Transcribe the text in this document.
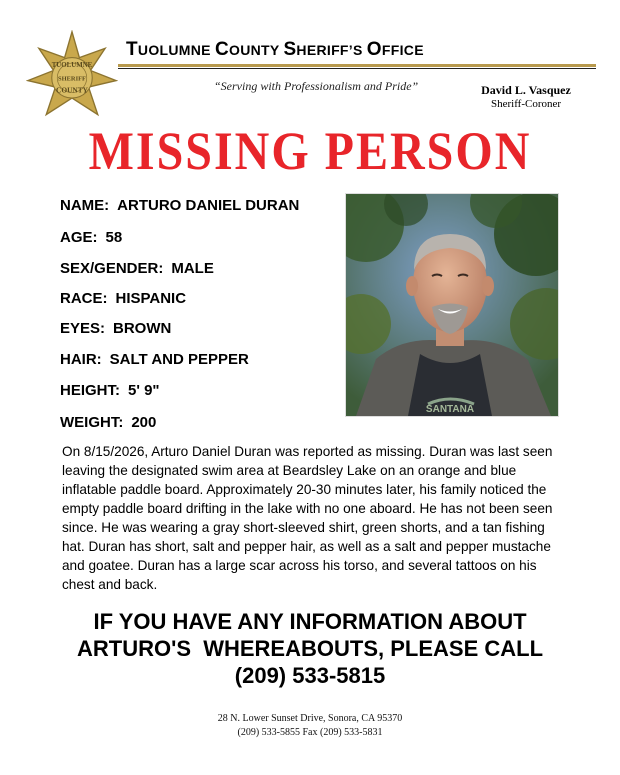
TUOLUMNE
SHERIFF
COUNTY
TUOLUMNE COUNTY SHERIFF’S OFFICE
“Serving with Professionalism and Pride”	David L. Vasquez
Sheriff-Coroner
MISSING PERSON
NAME: ARTURO DANIEL DURAN
AGE: 58
SEX/GENDER: MALE
RACE: HISPANIC
EYES: BROWN
HAIR: SALT AND PEPPER
HEIGHT: 5' 9"
WEIGHT: 200
SANTANA
On 8/15/2026, Arturo Daniel Duran was reported as missing. Duran was last seen leaving the designated swim area at Beardsley Lake on an orange and blue inflatable paddle board. Approximately 20-30 minutes later, his family noticed the empty paddle board drifting in the lake with no one aboard. He has not been seen since. He was wearing a gray short-sleeved shirt, green shorts, and a tan fishing hat. Duran has short, salt and pepper hair, as well as a salt and pepper mustache and goatee. Duran has a large scar across his torso, and several tattoos on his chest and back.
IF YOU HAVE ANY INFORMATION ABOUT
ARTURO'S  WHEREABOUTS, PLEASE CALL
(209) 533-5815
28 N. Lower Sunset Drive, Sonora, CA 95370
(209) 533-5855 Fax (209) 533-5831
